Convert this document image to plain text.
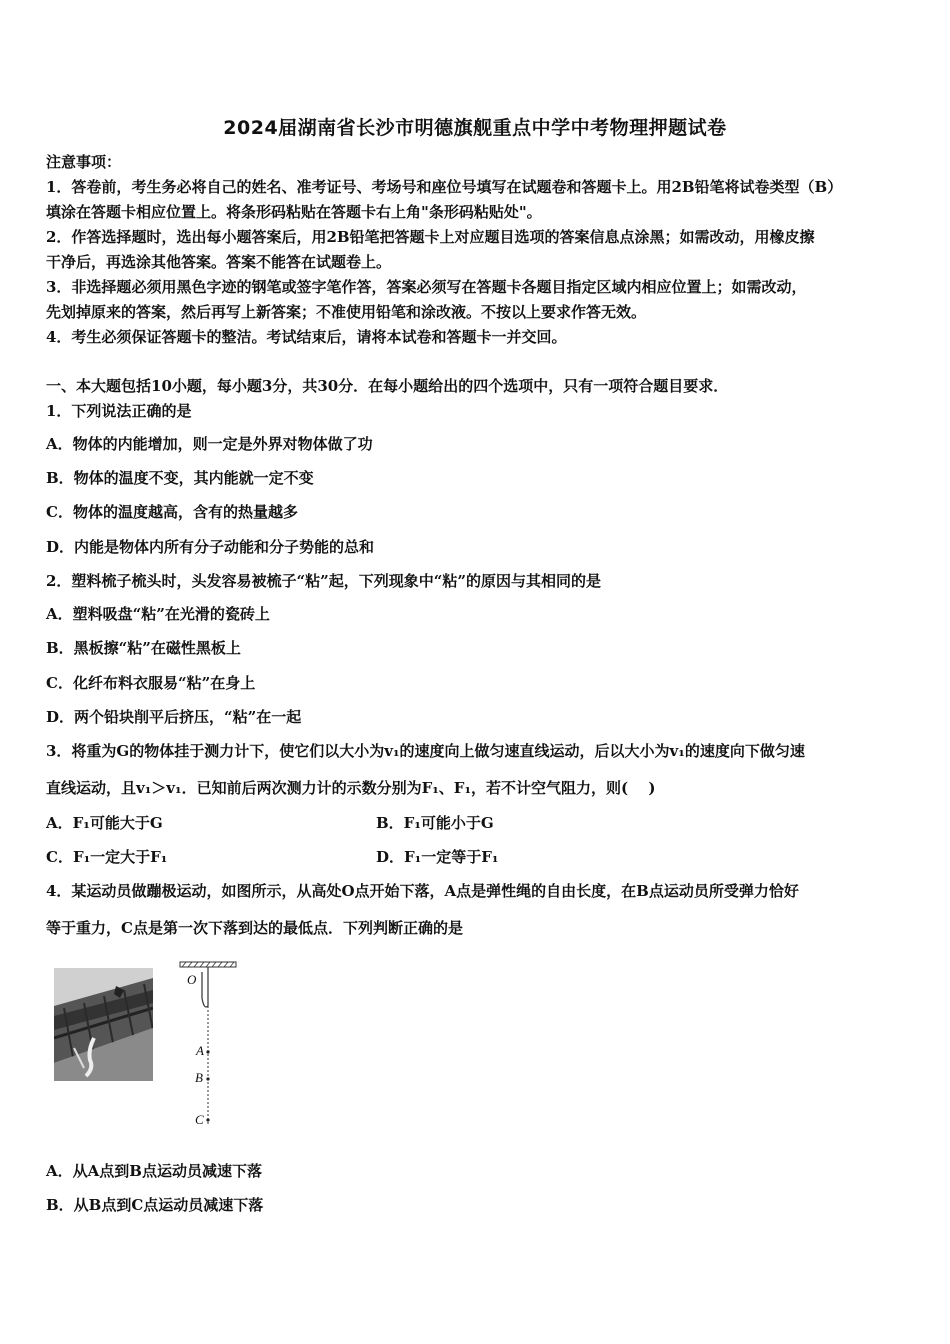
2024届湖南省长沙市明德旗舰重点中学中考物理押题试卷
注意事项：
1．答卷前，考生务必将自己的姓名、准考证号、考场号和座位号填写在试题卷和答题卡上。用2B铅笔将试卷类型（B）
填涂在答题卡相应位置上。将条形码粘贴在答题卡右上角"条形码粘贴处"。
2．作答选择题时，选出每小题答案后，用2B铅笔把答题卡上对应题目选项的答案信息点涂黑；如需改动，用橡皮擦
干净后，再选涂其他答案。答案不能答在试题卷上。
3．非选择题必须用黑色字迹的钢笔或签字笔作答，答案必须写在答题卡各题目指定区域内相应位置上；如需改动，
先划掉原来的答案，然后再写上新答案；不准使用铅笔和涂改液。不按以上要求作答无效。
4．考生必须保证答题卡的整洁。考试结束后，请将本试卷和答题卡一并交回。
一、本大题包括10小题，每小题3分，共30分．在每小题给出的四个选项中，只有一项符合题目要求．
1．下列说法正确的是
A．物体的内能增加，则一定是外界对物体做了功
B．物体的温度不变，其内能就一定不变
C．物体的温度越高，含有的热量越多
D．内能是物体内所有分子动能和分子势能的总和
2．塑料梳子梳头时，头发容易被梳子“粘”起，下列现象中“粘”的原因与其相同的是
A．塑料吸盘“粘”在光滑的瓷砖上
B．黑板擦“粘”在磁性黑板上
C．化纤布料衣服易“粘”在身上
D．两个铅块削平后挤压，“粘”在一起
3．将重为G的物体挂于测力计下，使它们以大小为v₁的速度向上做匀速直线运动，后以大小为v₁的速度向下做匀速
直线运动，且v₁＞v₁．已知前后两次测力计的示数分别为F₁、F₁，若不计空气阻力，则(　 )
A．F₁可能大于G	B．F₁可能小于G
C．F₁一定大于F₁	D．F₁一定等于F₁
4．某运动员做蹦极运动，如图所示，从高处O点开始下落，A点是弹性绳的自由长度，在B点运动员所受弹力恰好
等于重力，C点是第一次下落到达的最低点．下列判断正确的是
O
A
B
C
A．从A点到B点运动员减速下落
B．从B点到C点运动员减速下落
